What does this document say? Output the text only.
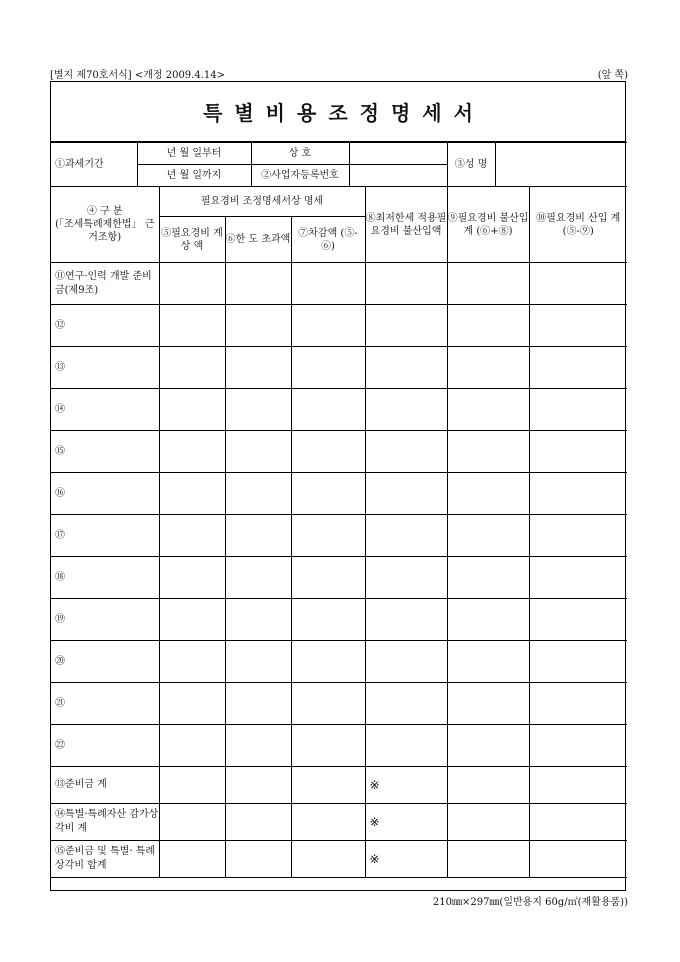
[별지 제70호서식] <개정 2009.4.14>	(앞 쪽)
특별비용조정명세서
①과세기간	년 월 일부터	상 호		③성 명	
	년 월 일까지	②사업자등록번호			
④ 구 분
(「조세특례제한법」 근거조항)	필요경비 조정명세서상 명세			⑧최저한세 적용필요경비 불산입액	⑨필요경비 불산입 계 (⑥+⑧)	⑩필요경비 산입 계 (⑤-⑨)
	⑤필요경비 계 상 액	⑥한 도 초과액	⑦차감액 (⑤-⑥)			
⑪연구·인력 개발 준비금(제9조)						
⑫						
⑬						
⑭						
⑮						
⑯						
⑰						
⑱						
⑲						
⑳						
㉑						
㉒						
⑬준비금 계				※		
⑭특별·특례자산 감가상각비 계				※		
⑮준비금 및 특별· 특례상각비 합계				※		
210㎜×297㎜(일반용지 60g/㎡(재활용품))
